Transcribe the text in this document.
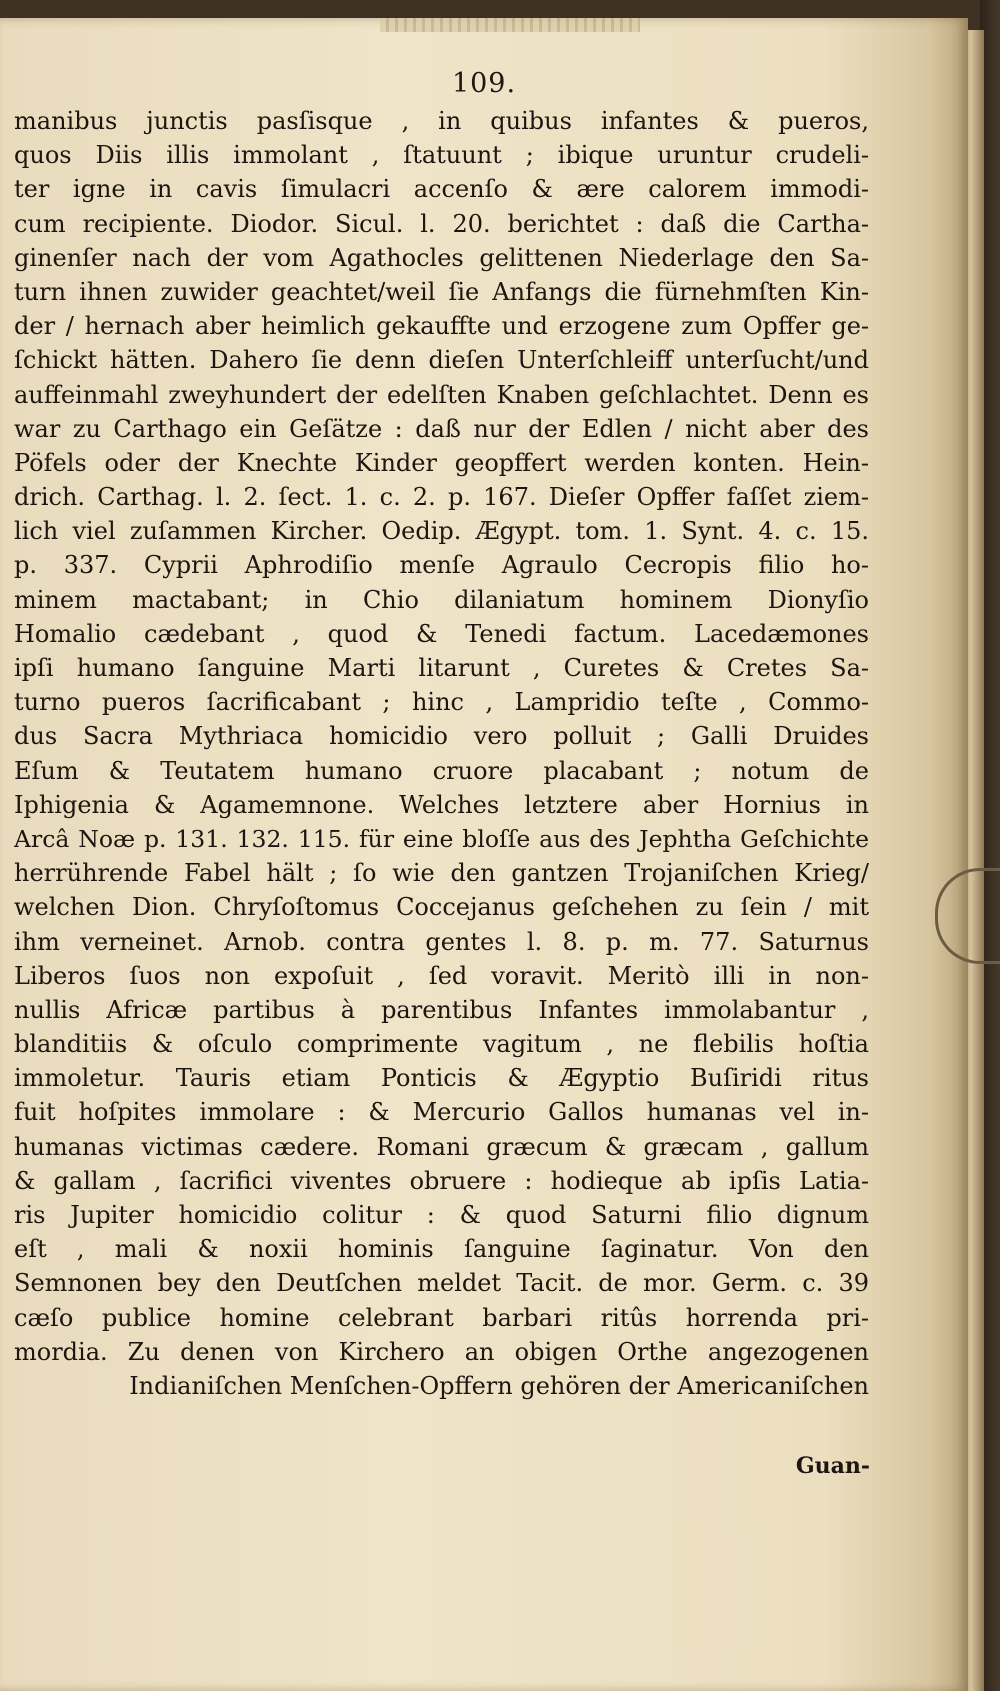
109.
manibus junctis pasſisque , in quibus infantes & pueros,
quos Diis illis immolant , ſtatuunt ; ibique uruntur crudeli-
ter igne in cavis ſimulacri accenſo & ære calorem immodi-
cum recipiente. Diodor. Sicul. l. 20. berichtet : daß die Cartha-
ginenſer nach der vom Agathocles gelittenen Niederlage den Sa-
turn ihnen zuwider geachtet/weil ſie Anfangs die fürnehmſten Kin-
der / hernach aber heimlich gekauffte und erzogene zum Opffer ge-
ſchickt hätten. Dahero ſie denn dieſen Unterſchleiff unterſucht/und
auffeinmahl zweyhundert der edelſten Knaben geſchlachtet. Denn es
war zu Carthago ein Geſätze : daß nur der Edlen / nicht aber des
Pöfels oder der Knechte Kinder geopffert werden konten. Hein-
drich. Carthag. l. 2. ſect. 1. c. 2. p. 167. Dieſer Opffer faſſet ziem-
lich viel zuſammen Kircher. Oedip. Ægypt. tom. 1. Synt. 4. c. 15.
p. 337. Cyprii Aphrodiſio menſe Agraulo Cecropis filio ho-
minem mactabant; in Chio dilaniatum hominem Dionyſio
Homalio cædebant , quod & Tenedi factum. Lacedæmones
ipſi humano ſanguine Marti litarunt , Curetes & Cretes Sa-
turno pueros ſacrificabant ; hinc , Lampridio teſte , Commo-
dus Sacra Mythriaca homicidio vero polluit ; Galli Druides
Eſum & Teutatem humano cruore placabant ; notum de
Iphigenia & Agamemnone. Welches letztere aber Hornius in
Arcâ Noæ p. 131. 132. 115. für eine bloſſe aus des Jephtha Geſchichte
herrührende Fabel hält ; ſo wie den gantzen Trojaniſchen Krieg/
welchen Dion. Chryſoſtomus Coccejanus geſchehen zu ſein / mit
ihm verneinet. Arnob. contra gentes l. 8. p. m. 77. Saturnus
Liberos ſuos non expoſuit , ſed voravit. Meritò illi in non-
nullis Africæ partibus à parentibus Infantes immolabantur ,
blanditiis & oſculo comprimente vagitum , ne flebilis hoſtia
immoletur. Tauris etiam Ponticis & Ægyptio Buſiridi ritus
fuit hoſpites immolare : & Mercurio Gallos humanas vel in-
humanas victimas cædere. Romani græcum & græcam , gallum
& gallam , ſacrifici viventes obruere : hodieque ab ipſis Latia-
ris Jupiter homicidio colitur : & quod Saturni filio dignum
eſt , mali & noxii hominis ſanguine ſaginatur. Von den
Semnonen bey den Deutſchen meldet Tacit. de mor. Germ. c. 39
cæſo publice homine celebrant barbari ritûs horrenda pri-
mordia. Zu denen von Kirchero an obigen Orthe angezogenen
Indianiſchen Menſchen-Opffern gehören der Americaniſchen
Guan-
